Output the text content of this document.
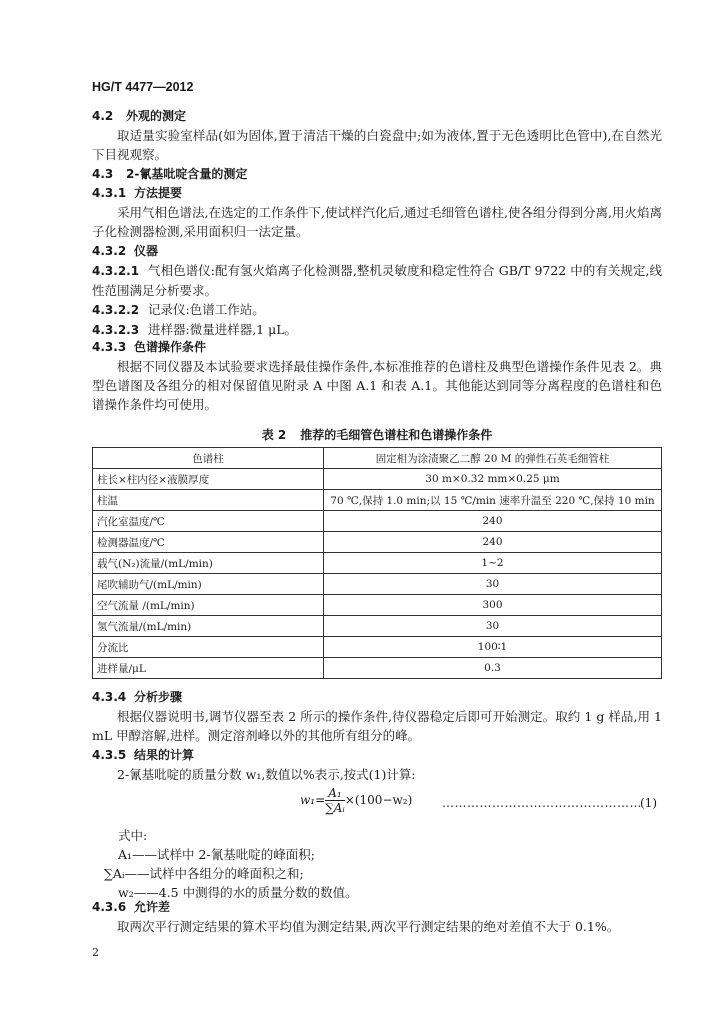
HG/T 4477—2012
4.2 外观的测定
取适量实验室样品(如为固体,置于清洁干燥的白瓷盘中;如为液体,置于无色透明比色管中),在自然光下目视观察。
4.3 2-氰基吡啶含量的测定
4.3.1 方法提要
采用气相色谱法,在选定的工作条件下,使试样汽化后,通过毛细管色谱柱,使各组分得到分离,用火焰离子化检测器检测,采用面积归一法定量。
4.3.2 仪器
4.3.2.1 气相色谱仪:配有氢火焰离子化检测器,整机灵敏度和稳定性符合 GB/T 9722 中的有关规定,线性范围满足分析要求。
4.3.2.2 记录仪:色谱工作站。
4.3.2.3 进样器:微量进样器,1 μL。
4.3.3 色谱操作条件
根据不同仪器及本试验要求选择最佳操作条件,本标准推荐的色谱柱及典型色谱操作条件见表 2。典型色谱图及各组分的相对保留值见附录 A 中图 A.1 和表 A.1。其他能达到同等分离程度的色谱柱和色谱操作条件均可使用。
表 2 推荐的毛细管色谱柱和色谱操作条件
色谱柱	固定相为涂渍聚乙二醇 20 M 的弹性石英毛细管柱
柱长×柱内径×液膜厚度	30 m×0.32 mm×0.25 μm
柱温	70 ℃,保持 1.0 min;以 15 ℃/min 速率升温至 220 ℃,保持 10 min
汽化室温度/℃	240
检测器温度/℃	240
载气(N₂)流量/(mL/min)	1~2
尾吹辅助气/(mL/min)	30
空气流量 /(mL/min)	300
氢气流量/(mL/min)	30
分流比	100∶1
进样量/μL	0.3
4.3.4 分析步骤
根据仪器说明书,调节仪器至表 2 所示的操作条件,待仪器稳定后即可开始测定。取约 1 g 样品,用 1 mL 甲醇溶解,进样。测定溶剂峰以外的其他所有组分的峰。
4.3.5 结果的计算
2-氰基吡啶的质量分数 w₁,数值以%表示,按式(1)计算:
$w_1= \frac{\text{A₁}}{\text{∑Aᵢ}} \times(100-w_2)$ …………………………………………
(1)
式中:
A₁——试样中 2-氰基吡啶的峰面积;
∑Aᵢ——试样中各组分的峰面积之和;
w₂——4.5 中测得的水的质量分数的数值。
4.3.6 允许差
取两次平行测定结果的算术平均值为测定结果,两次平行测定结果的绝对差值不大于 0.1%。
2
